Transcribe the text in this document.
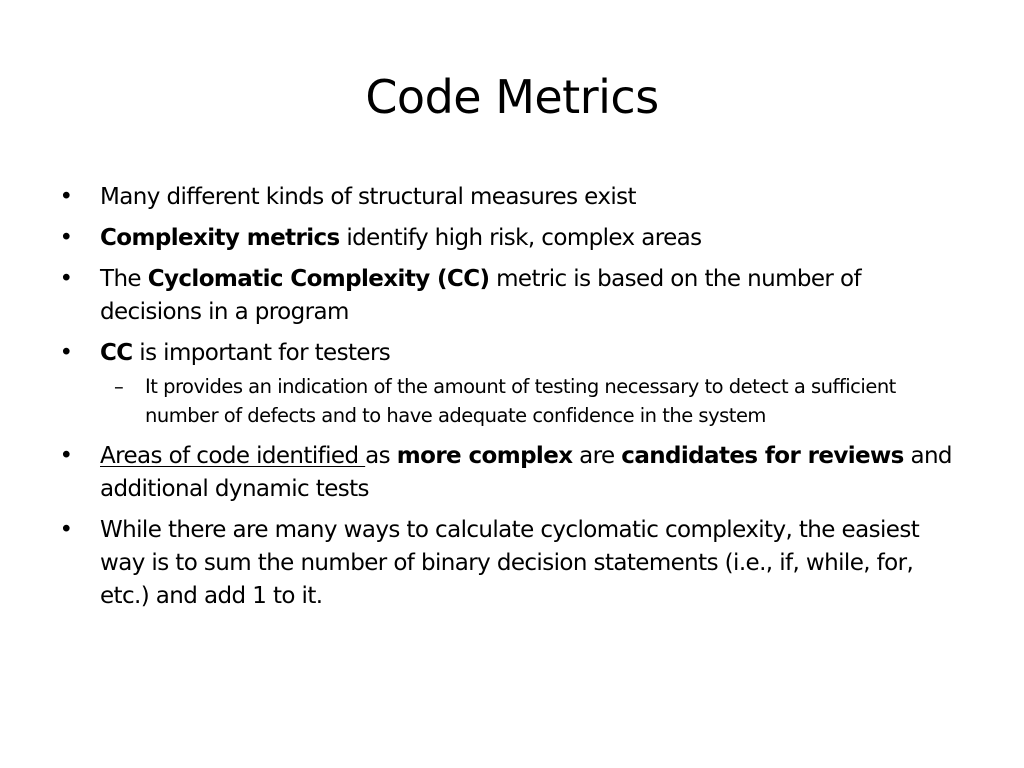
Code Metrics
• Many different kinds of structural measures exist
• Complexity metrics identify high risk, complex areas
• The Cyclomatic Complexity (CC) metric is based on the number of decisions in a program
• CC is important for testers
– It provides an indication of the amount of testing necessary to detect a sufficient number of defects and to have adequate confidence in the system
• Areas of code identified as more complex are candidates for reviews and additional dynamic tests
• While there are many ways to calculate cyclomatic complexity, the easiest way is to sum the number of binary decision statements (i.e., if, while, for, etc.) and add 1 to it.
